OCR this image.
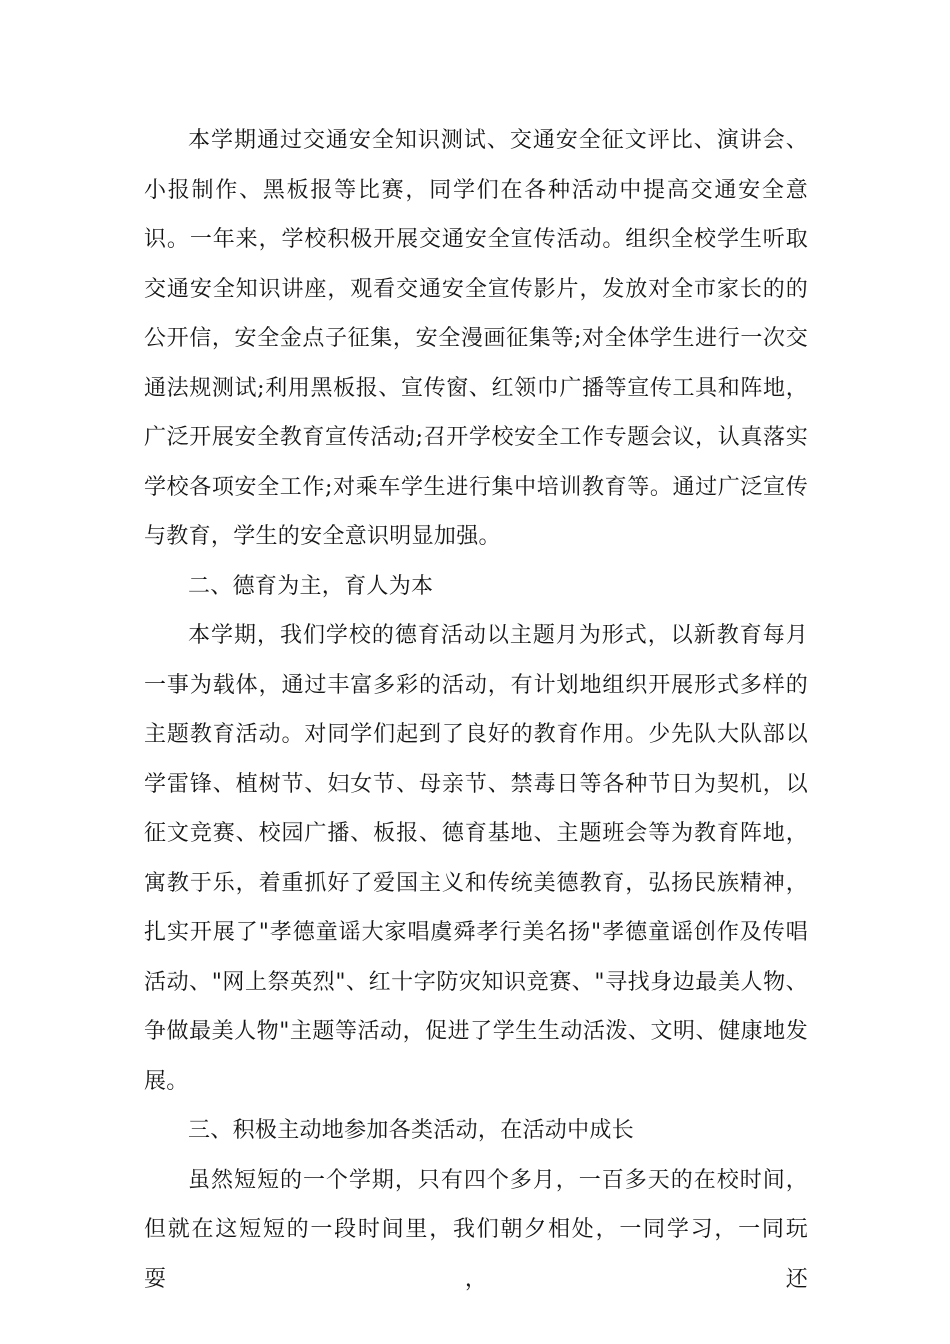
本学期通过交通安全知识测试、交通安全征文评比、演讲会、小报制作、黑板报等比赛，同学们在各种活动中提高交通安全意识。一年来，学校积极开展交通安全宣传活动。组织全校学生听取交通安全知识讲座，观看交通安全宣传影片，发放对全市家长的的公开信，安全金点子征集，安全漫画征集等;对全体学生进行一次交通法规测试;利用黑板报、宣传窗、红领巾广播等宣传工具和阵地，广泛开展安全教育宣传活动;召开学校安全工作专题会议，认真落实学校各项安全工作;对乘车学生进行集中培训教育等。通过广泛宣传与教育，学生的安全意识明显加强。

二、德育为主，育人为本

本学期，我们学校的德育活动以主题月为形式，以新教育每月一事为载体，通过丰富多彩的活动，有计划地组织开展形式多样的主题教育活动。对同学们起到了良好的教育作用。少先队大队部以学雷锋、植树节、妇女节、母亲节、禁毒日等各种节日为契机，以征文竞赛、校园广播、板报、德育基地、主题班会等为教育阵地，寓教于乐，着重抓好了爱国主义和传统美德教育，弘扬民族精神，扎实开展了"孝德童谣大家唱虞舜孝行美名扬"孝德童谣创作及传唱活动、"网上祭英烈"、红十字防灾知识竞赛、"寻找身边最美人物、争做最美人物"主题等活动，促进了学生生动活泼、文明、健康地发展。

三、积极主动地参加各类活动，在活动中成长

虽然短短的一个学期，只有四个多月，一百多天的在校时间，但就在这短短的一段时间里，我们朝夕相处，一同学习，一同玩耍，还
